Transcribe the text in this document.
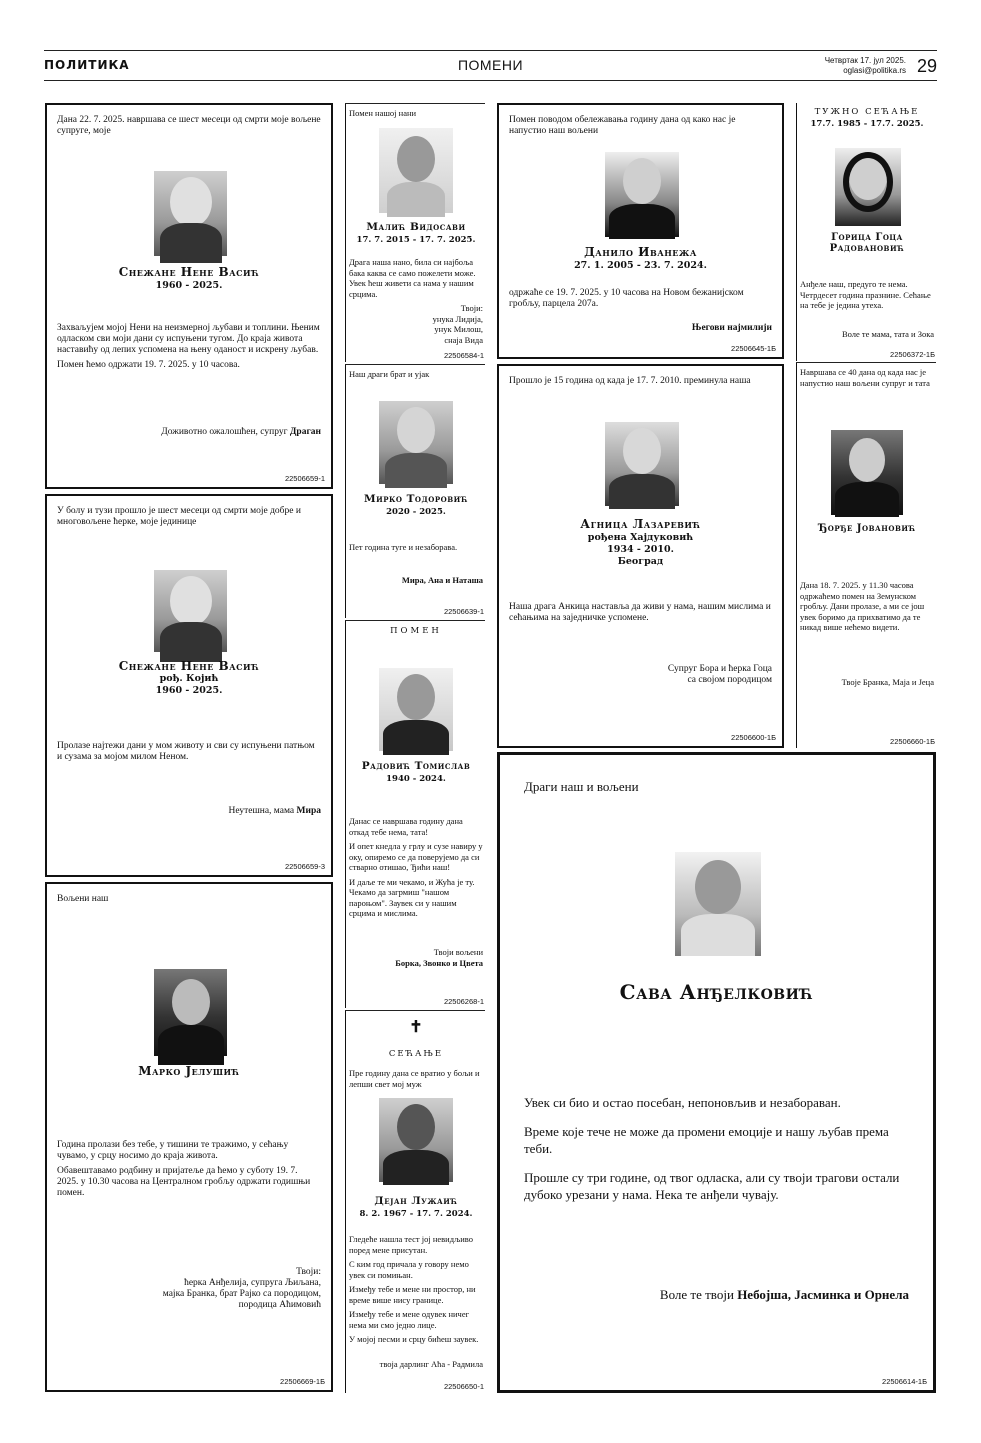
ПОЛИТИКА	ПОМЕНИ	Четвртак 17. јул 2025.
oglasi@politika.rs 29
Дана 22. 7. 2025. навршава се шест месеци од смрти моје вољене супруге, моје
Снежане Нене Васић
1960 - 2025.

Захваљујем мојој Нени на неизмерној љубави и топлини. Њеним одласком сви моји дани су испуњени тугом. До краја живота наставићу од лепих успомена на њену оданост и искрену љубав.

Помен ћемо одржати 19. 7. 2025. у 10 часова.

Доживотно ожалошћен, супруг Драган
22506659-1
У болу и тузи прошло је шест месеци од смрти моје добре и многовољене ћерке, моје јединице
Снежане Нене Васић
рођ. Којић
1960 - 2025.
Пролазе најтежи дани у мом животу и сви су испуњени патњом и сузама за мојом милом Неном.
Неутешна, мама Мира
22506659-3
Вољени наш
Марко Јелушић

Година пролази без тебе, у тишини те тражимо, у сећању чувамо, у срцу носимо до краја живота.

Обавештавамо родбину и пријатеље да ћемо у суботу 19. 7. 2025. у 10.30 часова на Централном гробљу одржати годишњи помен.

Твоји:
ћерка Анђелија, супруга Љиљана,
мајка Бранка, брат Рајко са породицом,
породица Аћимовић
22506669-1Б
Помен нашој нани
Малић Видосави
17. 7. 2015 - 17. 7. 2025.
Драга наша нано, била си најбоља бака каква се само пожелети може. Увек ћеш живети са нама у нашим срцима.
Твоји:
унука Лидија,
унук Милош,
снаја Вида
22506584-1
Наш драги брат и ујак
Мирко Тодоровић
2020 - 2025.
Пет година туге и незаборава.
Мира, Ана и Наташа
22506639-1
ПОМЕН
Радовић Томислав
1940 - 2024.

Данас се навршава годину дана откад тебе нема, тата!

И опет кнедла у грлу и сузе навиру у оку, опиремо се да поверујемо да си стварно отишао, Ђићи наш!

И даље те ми чекамо, и Жућа је ту. Чекамо да загрмиш "нашом пароњом". Заувек си у нашим срцима и мислима.

Твоји вољени
Борка, Звонко и Цвета
22506268-1
✝
СЕЋАЊЕ
Пре годину дана се вратио у бољи и лепши свет мој муж
Дејан Лужаић
8. 2. 1967 - 17. 7. 2024.

Гледеће нашла тест јој невидљиво поред мене присутан.

С ким год причала у говору немо увек си помињан.

Између тебе и мене ни простор, ни време више нису границе.

Између тебе и мене одувек ничег нема ми смо једно лице.

У мојој песми и срцу бићеш заувек.

твоја дарлинг Аћа - Радмила
22506650-1
Помен поводом обележавања годину дана од како нас је напустио наш вољени
Данило Иванежа
27. 1. 2005 - 23. 7. 2024.
одржаће се 19. 7. 2025. у 10 часова на Новом бежанијском гробљу, парцела 207а.
Његови најмилији
22506645-1Б
Прошло је 15 година од када је 17. 7. 2010. преминула наша
Агница Лазаревић
рођена Хајдуковић
1934 - 2010.
Београд
Наша драга Анкица наставља да живи у нама, нашим мислима и сећањима на заједничке успомене.
Супруг Бора и ћерка Гоца
са својом породицом
22506600-1Б
ТУЖНО СЕЋАЊЕ
17.7. 1985 - 17.7. 2025.
Горица Гоца
Радовановић
Анђеле наш, предуго те нема. Четрдесет година празнине. Сећање на тебе је једина утеха.
Воле те мама, тата и Зока
22506372-1Б
Навршава се 40 дана од када нас је напустио наш вољени супруг и тата
Ђорђе Јовановић
Дана 18. 7. 2025. у 11.30 часова одржаћемо помен на Земунском гробљу. Дани пролазе, а ми се још увек боримо да прихватимо да те никад више нећемо видети.
Твоје Бранка, Маја и Јеца
22506660-1Б
Драги наш и вољени
Сава Анђелковић

Увек си био и остао посебан, непоновљив и незабораван.

Време које тече не може да промени емоције и нашу љубав према теби.

Прошле су три године, од твог одласка, али су твоји трагови остали дубоко урезани у нама. Нека те анђели чувају.

Воле те твоји Небојша, Јасминка и Орнела
22506614-1Б
